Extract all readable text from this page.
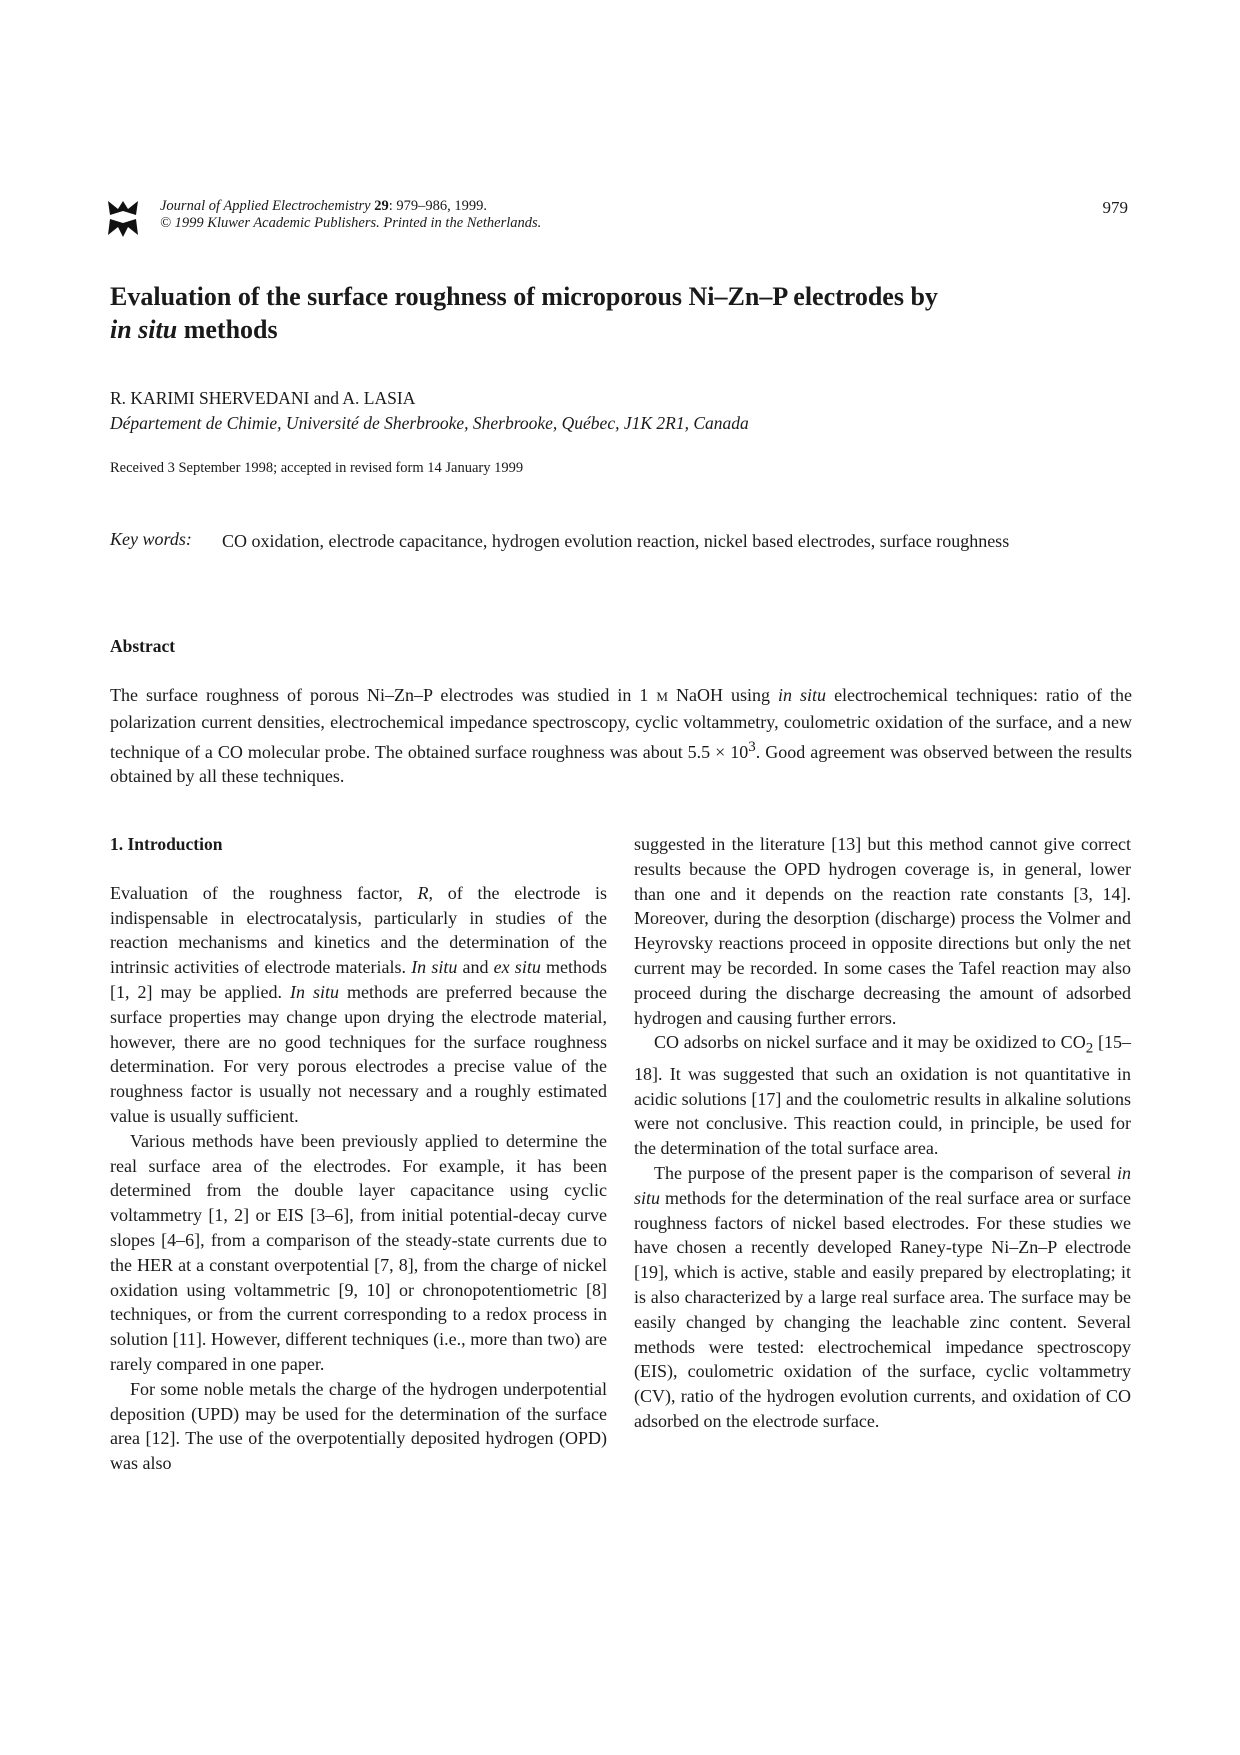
Journal of Applied Electrochemistry 29: 979–986, 1999.
© 1999 Kluwer Academic Publishers. Printed in the Netherlands.
979
Evaluation of the surface roughness of microporous Ni–Zn–P electrodes by
in situ methods
R. KARIMI SHERVEDANI and A. LASIA
Département de Chimie, Université de Sherbrooke, Sherbrooke, Québec, J1K 2R1, Canada
Received 3 September 1998; accepted in revised form 14 January 1999
Key words: CO oxidation, electrode capacitance, hydrogen evolution reaction, nickel based electrodes, surface roughness
Abstract
The surface roughness of porous Ni–Zn–P electrodes was studied in 1 M NaOH using in situ electrochemical techniques: ratio of the polarization current densities, electrochemical impedance spectroscopy, cyclic voltammetry, coulometric oxidation of the surface, and a new technique of a CO molecular probe. The obtained surface roughness was about $5.5 \times 10^3$. Good agreement was observed between the results obtained by all these techniques.
1. Introduction

Evaluation of the roughness factor, R, of the electrode is indispensable in electrocatalysis, particularly in studies of the reaction mechanisms and kinetics and the determination of the intrinsic activities of electrode materials. In situ and ex situ methods [1, 2] may be applied. In situ methods are preferred because the surface properties may change upon drying the electrode material, however, there are no good techniques for the surface roughness determination. For very porous electrodes a precise value of the roughness factor is usually not necessary and a roughly estimated value is usually sufficient.

Various methods have been previously applied to determine the real surface area of the electrodes. For example, it has been determined from the double layer capacitance using cyclic voltammetry [1, 2] or EIS [3–6], from initial potential-decay curve slopes [4–6], from a comparison of the steady-state currents due to the HER at a constant overpotential [7, 8], from the charge of nickel oxidation using voltammetric [9, 10] or chronopotentiometric [8] techniques, or from the current corresponding to a redox process in solution [11]. However, different techniques (i.e., more than two) are rarely compared in one paper.

For some noble metals the charge of the hydrogen underpotential deposition (UPD) may be used for the determination of the surface area [12]. The use of the overpotentially deposited hydrogen (OPD) was also

suggested in the literature [13] but this method cannot give correct results because the OPD hydrogen coverage is, in general, lower than one and it depends on the reaction rate constants [3, 14]. Moreover, during the desorption (discharge) process the Volmer and Heyrovsky reactions proceed in opposite directions but only the net current may be recorded. In some cases the Tafel reaction may also proceed during the discharge decreasing the amount of adsorbed hydrogen and causing further errors.

CO adsorbs on nickel surface and it may be oxidized to $CO_2$ [15–18]. It was suggested that such an oxidation is not quantitative in acidic solutions [17] and the coulometric results in alkaline solutions were not conclusive. This reaction could, in principle, be used for the determination of the total surface area.

The purpose of the present paper is the comparison of several in situ methods for the determination of the real surface area or surface roughness factors of nickel based electrodes. For these studies we have chosen a recently developed Raney-type Ni–Zn–P electrode [19], which is active, stable and easily prepared by electroplating; it is also characterized by a large real surface area. The surface may be easily changed by changing the leachable zinc content. Several methods were tested: electrochemical impedance spectroscopy (EIS), coulometric oxidation of the surface, cyclic voltammetry (CV), ratio of the hydrogen evolution currents, and oxidation of CO adsorbed on the electrode surface.
